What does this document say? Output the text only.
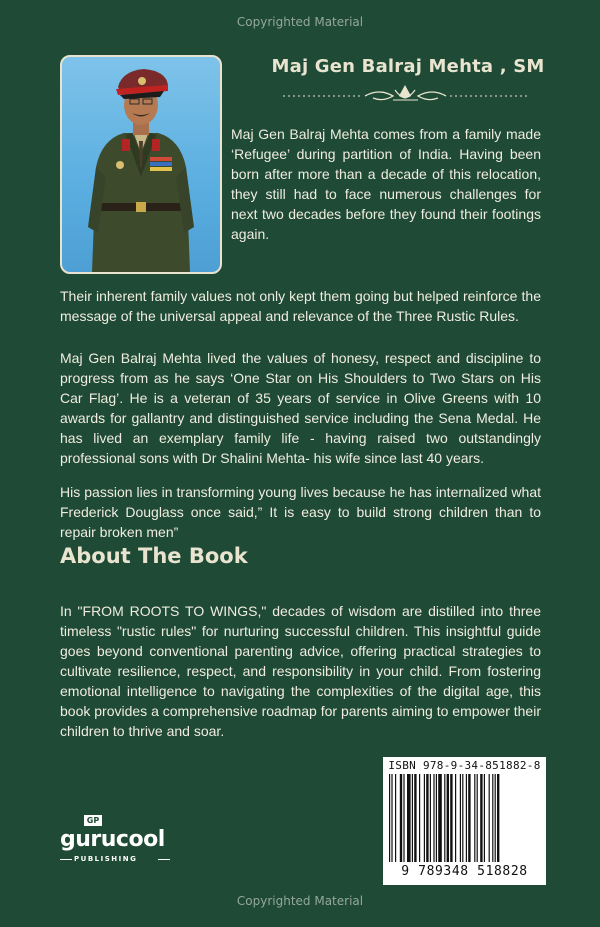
Copyrighted Material
Maj Gen Balraj Mehta , SM
Maj Gen Balraj Mehta comes from a family made ‘Refugee’ during partition of India. Having been born after more than a decade of this relocation, they still had to face numerous challenges for next two decades before they found their footings again.

Their inherent family values not only kept them going but helped reinforce the message of the universal appeal and relevance of the Three Rustic Rules.

Maj Gen Balraj Mehta lived the values of honesy, respect and discipline to progress from as he says ‘One Star on His Shoulders to Two Stars on His Car Flag’. He is a veteran of 35 years of service in Olive Greens with 10 awards for gallantry and distinguished service including the Sena Medal. He has lived an exemplary family life - having raised two outstandingly professional sons with Dr Shalini Mehta- his wife since last 40 years.

His passion lies in transforming young lives because he has internalized what Frederick Douglass once said,” It is easy to build strong children than to repair broken men”

About The Book

In "FROM ROOTS TO WINGS," decades of wisdom are distilled into three timeless "rustic rules" for nurturing successful children. This insightful guide goes beyond conventional parenting advice, offering practical strategies to cultivate resilience, respect, and responsibility in your child. From fostering emotional intelligence to navigating the complexities of the digital age, this book provides a comprehensive roadmap for parents aiming to empower their children to thrive and soar.

GP
gurucool
PUBLISHING
ISBN 978-9-34-851882-8
9 789348 518828
Copyrighted Material
